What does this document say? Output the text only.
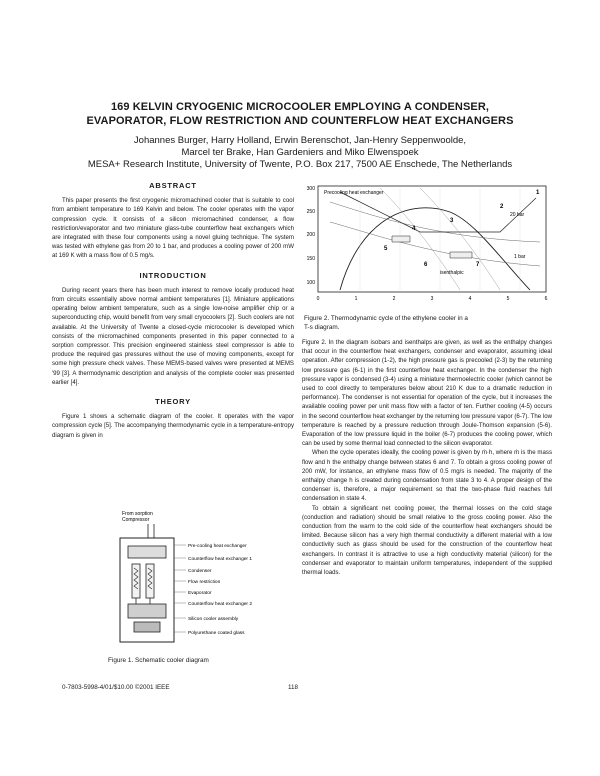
169 KELVIN CRYOGENIC MICROCOOLER EMPLOYING A CONDENSER,
EVAPORATOR, FLOW RESTRICTION AND COUNTERFLOW HEAT EXCHANGERS
Johannes Burger, Harry Holland, Erwin Berenschot, Jan-Henry Seppenwoolde,
Marcel ter Brake, Han Gardeniers and Miko Elwenspoek
MESA+ Research Institute, University of Twente, P.O. Box 217, 7500 AE Enschede, The Netherlands

ABSTRACT

This paper presents the first cryogenic micromachined cooler that is suitable to cool from ambient temperature to 169 Kelvin and below. The cooler operates with the vapor compression cycle. It consists of a silicon micromachined condenser, a flow restriction/evaporator and two miniature glass-tube counterflow heat exchangers which are integrated with these four components using a novel gluing technique. The system was tested with ethylene gas from 20 to 1 bar, and produces a cooling power of 200 mW at 169 K with a mass flow of 0.5 mg/s.

INTRODUCTION

During recent years there has been much interest to remove locally produced heat from circuits essentially above normal ambient temperatures [1]. Miniature applications operating below ambient temperature, such as a single low-noise amplifier chip or a superconducting chip, would benefit from very small cryocoolers [2]. Such coolers are not available. At the University of Twente a closed-cycle microcooler is developed which consists of the micromachined components presented in this paper connected to a sorption compressor. This precision engineered stainless steel compressor is able to produce the required gas pressures without the use of moving components, except for some high pressure check valves. These MEMS-based valves were presented at MEMS '99 [3]. A thermodynamic description and analysis of the complete cooler was presented earlier [4].

THEORY

Figure 1 shows a schematic diagram of the cooler. It operates with the vapor compression cycle [5]. The accompanying thermodynamic cycle in a temperature-entropy diagram is given in

From sorption
Compressor
Pre-cooling heat exchanger
Counterflow heat exchanger 1
Condenser
Flow restriction
Evaporator
Counterflow heat exchanger 2
Silicon cooler assembly
Polyurethane coated glass
Figure 1. Schematic cooler diagram
300
250
200
150
100
0	1	2	3	4	5	6
Precooling heat exchanger
20 bar
1 bar
isenthalpic
1
2
3
4
5
6	7
Figure 2. Thermodynamic cycle of the ethylene cooler in a
T-s diagram.

Figure 2. In the diagram isobars and isenthalps are given, as well as the enthalpy changes that occur in the counterflow heat exchangers, condenser and evaporator, assuming ideal operation. After compression (1-2), the high pressure gas is precooled (2-3) by the returning low pressure gas (6-1) in the first counterflow heat exchanger. In the condenser the high pressure vapor is condensed (3-4) using a miniature thermoelectric cooler (which cannot be used to cool directly to temperatures below about 210 K due to a dramatic reduction in performance). The condenser is not essential for operation of the cycle, but it increases the available cooling power per unit mass flow with a factor of ten. Further cooling (4-5) occurs in the second counterflow heat exchanger by the returning low pressure vapor (6-7). The low temperature is reached by a pressure reduction through Joule-Thomson expansion (5-6). Evaporation of the low pressure liquid in the boiler (6-7) produces the cooling power, which can be used by some thermal load connected to the silicon evaporator.

When the cycle operates ideally, the cooling power is given by ṁ·h, where ṁ is the mass flow and h the enthalpy change between states 6 and 7. To obtain a gross cooling power of 200 mW, for instance, an ethylene mass flow of 0.5 mg/s is needed. The majority of the enthalpy change h is created during condensation from state 3 to 4. A proper design of the condenser is, therefore, a major requirement so that the two-phase fluid reaches full condensation in state 4.

To obtain a significant net cooling power, the thermal losses on the cold stage (conduction and radiation) should be small relative to the gross cooling power. Also the conduction from the warm to the cold side of the counterflow heat exchangers should be limited. Because silicon has a very high thermal conductivity a different material with a low conductivity such as glass should be used for the construction of the counterflow heat exchangers. In contrast it is attractive to use a high conductivity material (silicon) for the condenser and evaporator to maintain uniform temperatures, independent of the supplied thermal loads.

0-7803-5998-4/01/$10.00 ©2001 IEEE	118
